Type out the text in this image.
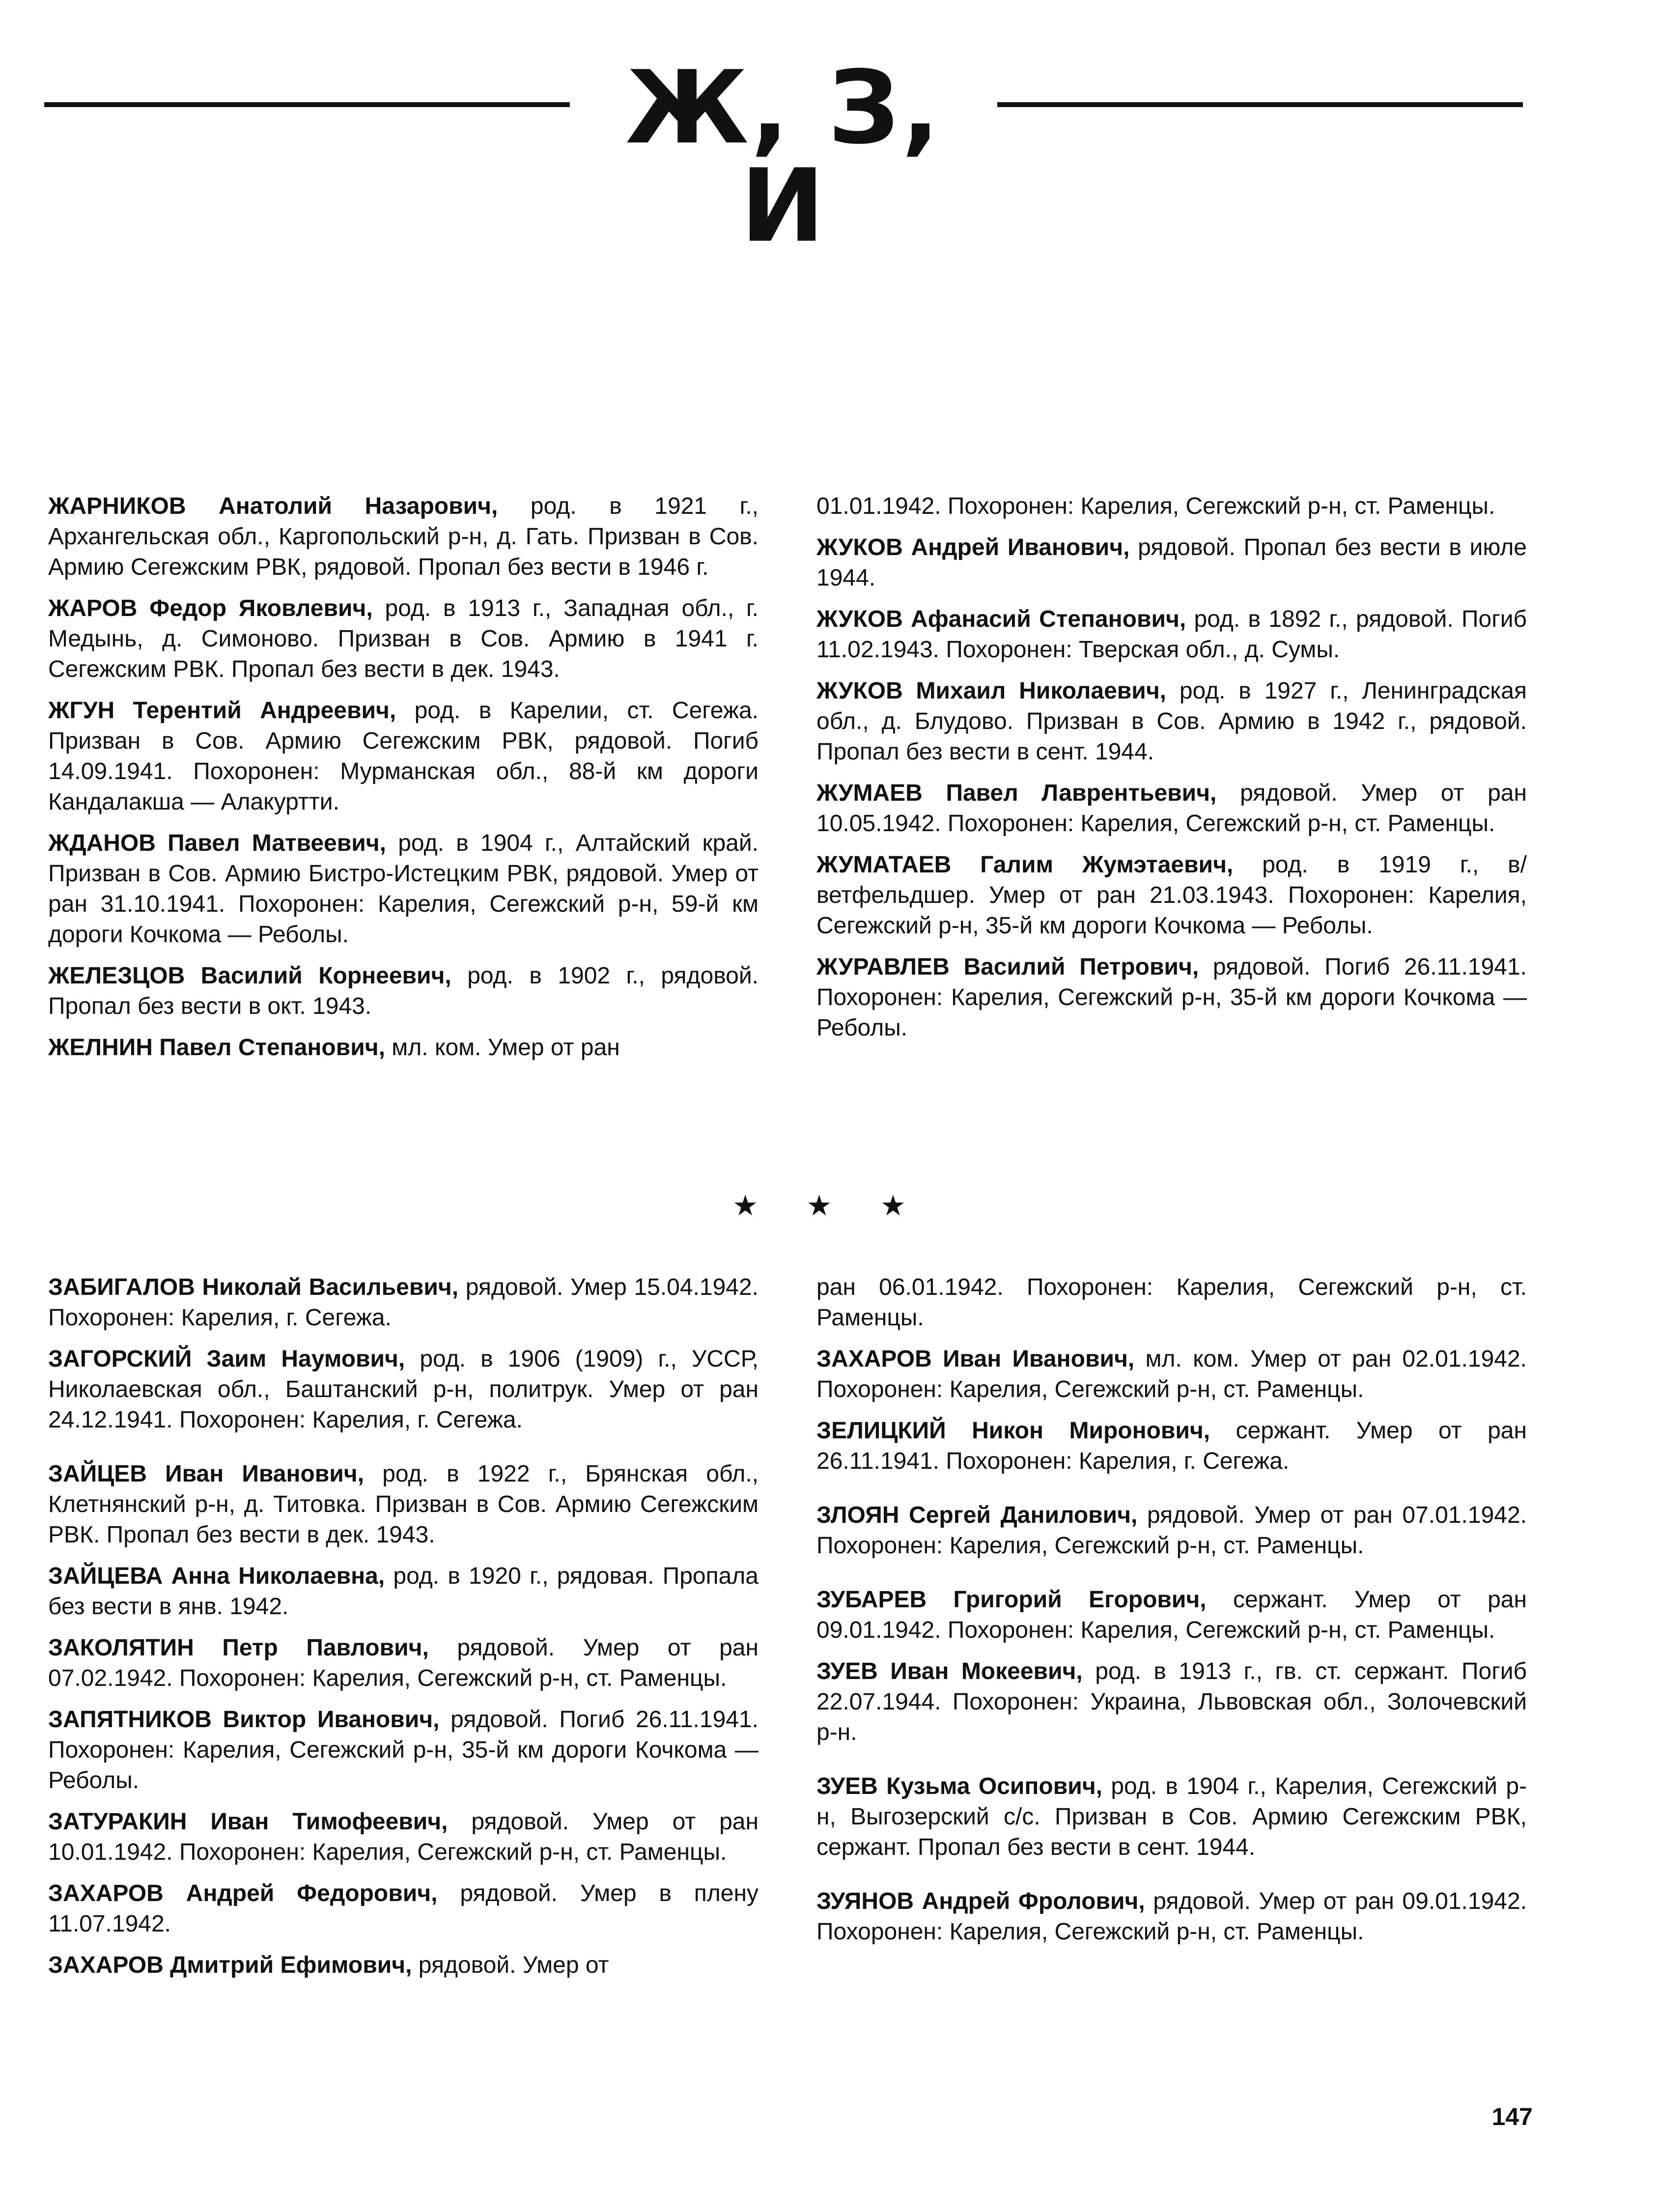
Ж, З, И

ЖАРНИКОВ Анатолий Назарович, род. в 1921 г., Архангельская обл., Каргопольский р-н, д. Гать. Призван в Сов. Армию Сегежским РВК, рядовой. Пропал без вести в 1946 г.

ЖАРОВ Федор Яковлевич, род. в 1913 г., Западная обл., г. Медынь, д. Симоново. Призван в Сов. Армию в 1941 г. Сегежским РВК. Пропал без вести в дек. 1943.

ЖГУН Терентий Андреевич, род. в Карелии, ст. Сегежа. Призван в Сов. Армию Сегежским РВК, рядовой. Погиб 14.09.1941. Похоронен: Мурманская обл., 88-й км дороги Кандалакша — Алакуртти.

ЖДАНОВ Павел Матвеевич, род. в 1904 г., Алтайский край. Призван в Сов. Армию Бистро-Истецким РВК, рядовой. Умер от ран 31.10.1941. Похоронен: Карелия, Сегежский р-н, 59-й км дороги Кочкома — Реболы.

ЖЕЛЕЗЦОВ Василий Корнеевич, род. в 1902 г., рядовой. Пропал без вести в окт. 1943.

ЖЕЛНИН Павел Степанович, мл. ком. Умер от ран

01.01.1942. Похоронен: Карелия, Сегежский р-н, ст. Раменцы.

ЖУКОВ Андрей Иванович, рядовой. Пропал без вести в июле 1944.

ЖУКОВ Афанасий Степанович, род. в 1892 г., рядовой. Погиб 11.02.1943. Похоронен: Тверская обл., д. Сумы.

ЖУКОВ Михаил Николаевич, род. в 1927 г., Ленинградская обл., д. Блудово. Призван в Сов. Армию в 1942 г., рядовой. Пропал без вести в сент. 1944.

ЖУМАЕВ Павел Лаврентьевич, рядовой. Умер от ран 10.05.1942. Похоронен: Карелия, Сегежский р-н, ст. Раменцы.

ЖУМАТАЕВ Галим Жумэтаевич, род. в 1919 г., в/ветфельдшер. Умер от ран 21.03.1943. Похоронен: Карелия, Сегежский р-н, 35-й км дороги Кочкома — Реболы.

ЖУРАВЛЕВ Василий Петрович, рядовой. Погиб 26.11.1941. Похоронен: Карелия, Сегежский р-н, 35-й км дороги Кочкома — Реболы.

★ ★ ★

ЗАБИГАЛОВ Николай Васильевич, рядовой. Умер 15.04.1942. Похоронен: Карелия, г. Сегежа.

ЗАГОРСКИЙ Заим Наумович, род. в 1906 (1909) г., УССР, Николаевская обл., Баштанский р-н, политрук. Умер от ран 24.12.1941. Похоронен: Карелия, г. Сегежа.

ЗАЙЦЕВ Иван Иванович, род. в 1922 г., Брянская обл., Клетнянский р-н, д. Титовка. Призван в Сов. Армию Сегежским РВК. Пропал без вести в дек. 1943.

ЗАЙЦЕВА Анна Николаевна, род. в 1920 г., рядовая. Пропала без вести в янв. 1942.

ЗАКОЛЯТИН Петр Павлович, рядовой. Умер от ран 07.02.1942. Похоронен: Карелия, Сегежский р-н, ст. Раменцы.

ЗАПЯТНИКОВ Виктор Иванович, рядовой. Погиб 26.11.1941. Похоронен: Карелия, Сегежский р-н, 35-й км дороги Кочкома — Реболы.

ЗАТУРАКИН Иван Тимофеевич, рядовой. Умер от ран 10.01.1942. Похоронен: Карелия, Сегежский р-н, ст. Раменцы.

ЗАХАРОВ Андрей Федорович, рядовой. Умер в плену 11.07.1942.

ЗАХАРОВ Дмитрий Ефимович, рядовой. Умер от

ран 06.01.1942. Похоронен: Карелия, Сегежский р-н, ст. Раменцы.

ЗАХАРОВ Иван Иванович, мл. ком. Умер от ран 02.01.1942. Похоронен: Карелия, Сегежский р-н, ст. Раменцы.

ЗЕЛИЦКИЙ Никон Миронович, сержант. Умер от ран 26.11.1941. Похоронен: Карелия, г. Сегежа.

ЗЛОЯН Сергей Данилович, рядовой. Умер от ран 07.01.1942. Похоронен: Карелия, Сегежский р-н, ст. Раменцы.

ЗУБАРЕВ Григорий Егорович, сержант. Умер от ран 09.01.1942. Похоронен: Карелия, Сегежский р-н, ст. Раменцы.

ЗУЕВ Иван Мокеевич, род. в 1913 г., гв. ст. сержант. Погиб 22.07.1944. Похоронен: Украина, Львовская обл., Золочевский р-н.

ЗУЕВ Кузьма Осипович, род. в 1904 г., Карелия, Сегежский р-н, Выгозерский с/с. Призван в Сов. Армию Сегежским РВК, сержант. Пропал без вести в сент. 1944.

ЗУЯНОВ Андрей Фролович, рядовой. Умер от ран 09.01.1942. Похоронен: Карелия, Сегежский р-н, ст. Раменцы.

147
